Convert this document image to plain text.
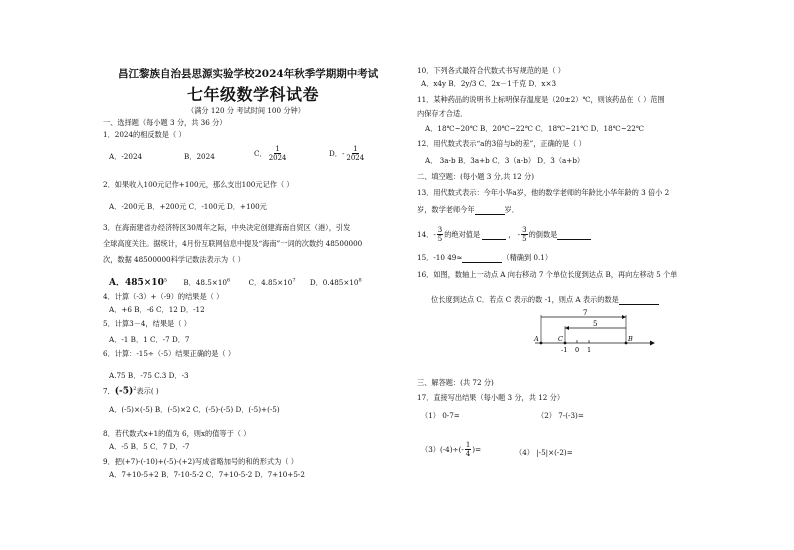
昌江黎族自治县思源实验学校2024年秋季学期期中考试
七年级数学科试卷
（满分 120 分 考试时间 100 分钟）
一、选择题（每小题 3 分，共 36 分）
1．2024的相反数是（ ）
A．-2024	B．2024	C． $\frac{1}{2024}$	D．- $\frac{1}{2024}$
2．如果收入100元记作+100元，那么支出100元记作（ ）
A．-200元 B．+200元 C．-100元 D．+100元
3．在海南建省办经济特区30周年之际，中央决定创建海南自贸区（港），引发
全球高度关注。据统计，4月份互联网信息中提及“海南”一词的次数约 48500000
次，数据 48500000科学记数法表示为（ ）
A．$485\times 10^5$ B．$48.5\times 10^6$	C．$4.85\times 10^7$ D．$0.485\times 10^8$
4．计算（-3）+（-9）的结果是（ ）
A．+6 B．-6 C．12 D．-12
5．计算3－4，结果是（ ）
A．-1 B．1 C．-7 D．7
6．计算：-15÷（-5）结果正确的是（ ）
A.75 B．-75 C.3 D．-3
7．$(-5)^2$表示( )
A．(-5)×(-5) B．(-5)×2 C．(-5)-(-5) D．(-5)+(-5)
8．若代数式x+1的值为 6，则x的值等于（ ）
A．-5 B．5 C．7 D．-7
9．把(+7)-(-10)+(-5)-(+2)写成省略加号的和的形式为（ ）
A．7+10-5+2 B．7-10-5-2 C．7+10-5-2 D．7+10+5-2
10．下列各式最符合代数式书写规范的是（ ）
A．x4y B．2y/3 C．2x－1千克 D．x×3
11．某种药品的说明书上标明保存温度是（20±2）℃，则该药品在（ ）范围
内保存才合适．
A．18℃~20℃ B．20℃~22℃ C．18℃~21℃ D．18℃~22℃
12．用代数式表示“a的3倍与b的差”，正确的是（ ）
A． 3a-b B．3a+b C．3（a-b） D．3（a+b）
二、填空题：(每小题 3 分,共 12 分)
13．用代数式表示：今年小华a岁，他的数学老师的年龄比小华年龄的 3 倍小 2
岁，数学老师今年	岁．
14．- $\frac{3}{5}$ 的绝对值是
	， - $\frac{3}{5}$ 的倒数是

15．-10 49≈	（精确到 0.1）
16．如图，数轴上一动点 A 向右移动 7 个单位长度到达点 B，再向左移动 5 个单
位长度到达点 C．若点 C 表示的数 -1，则点 A 表示的数是
7
5
A	C
-1 0 1
B
三、解答题：(共 72 分)
17．直接写出结果（每小题 3 分，共 12 分）
（1） 0-7=	（2） 7-(-3)=
$(3)(-4)\div(- \frac{1}{4}$ )=	（4） |-5|×(-2)=
